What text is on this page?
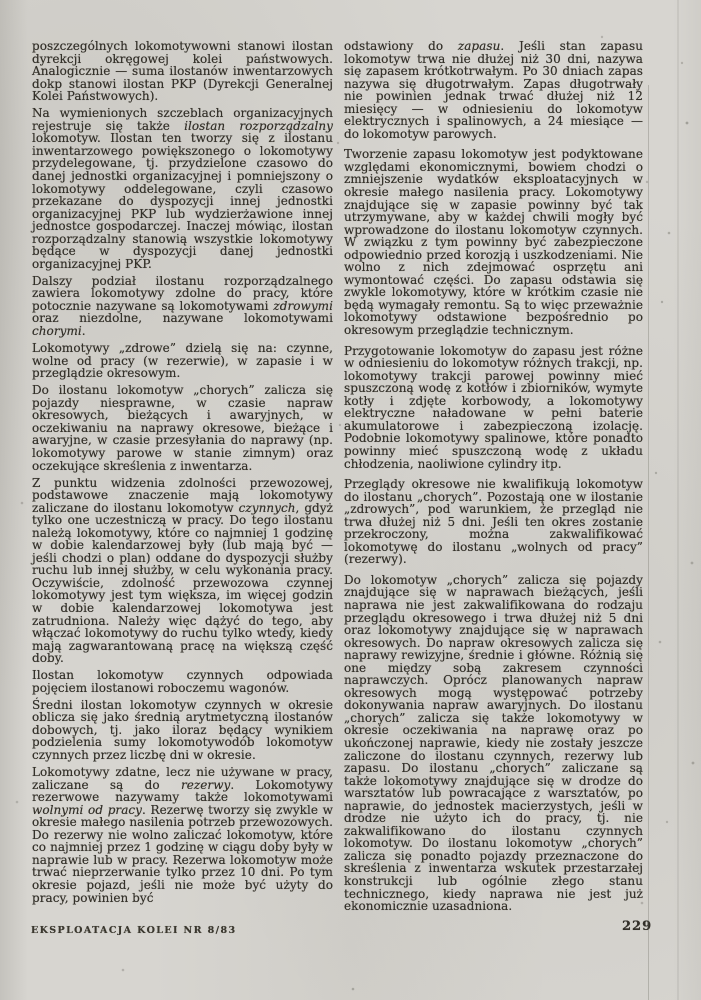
poszczególnych lokomotywowni stanowi ilostan dyrekcji okręgowej kolei państwowych. Analogicznie — suma ilostanów inwentarzowych dokp stanowi ilostan PKP (Dyrekcji Generalnej Kolei Państwowych).

Na wymienionych szczeblach organizacyjnych rejestruje się także ilostan rozporządzalny lokomotyw. Ilostan ten tworzy się z ilostanu inwentarzowego powiększonego o lokomotywy przydelegowane, tj. przydzielone czasowo do danej jednostki organizacyjnej i pomniejszony o lokomotywy oddelegowane, czyli czasowo przekazane do dyspozycji innej jednostki organizacyjnej PKP lub wydzierżawione innej jednostce gospodarczej. Inaczej mówiąc, ilostan rozporządzalny stanowią wszystkie lokomotywy będące w dyspozycji danej jednostki organizacyjnej PKP.

Dalszy podział ilostanu rozporządzalnego zawiera lokomotywy zdolne do pracy, które potocznie nazywane są lokomotywami zdrowymi oraz niezdolne, nazywane lokomotywami chorymi.

Lokomotywy „zdrowe” dzielą się na: czynne, wolne od pracy (w rezerwie), w zapasie i w przeglądzie okresowym.

Do ilostanu lokomotyw „chorych” zalicza się pojazdy niesprawne, w czasie napraw okresowych, bieżących i awaryjnych, w oczekiwaniu na naprawy okresowe, bieżące i awaryjne, w czasie przesyłania do naprawy (np. lokomotywy parowe w stanie zimnym) oraz oczekujące skreślenia z inwentarza.

Z punktu widzenia zdolności przewozowej, podstawowe znaczenie mają lokomotywy zaliczane do ilostanu lokomotyw czynnych, gdyż tylko one uczestniczą w pracy. Do tego ilostanu należą lokomotywy, które co najmniej 1 godzinę w dobie kalendarzowej były (lub mają być — jeśli chodzi o plan) oddane do dyspozycji służby ruchu lub innej służby, w celu wykonania pracy. Oczywiście, zdolność przewozowa czynnej lokomotywy jest tym większa, im więcej godzin w dobie kalendarzowej lokomotywa jest zatrudniona. Należy więc dążyć do tego, aby włączać lokomotywy do ruchu tylko wtedy, kiedy mają zagwarantowaną pracę na większą część doby.

Ilostan lokomotyw czynnych odpowiada pojęciem ilostanowi roboczemu wagonów.

Średni ilostan lokomotyw czynnych w okresie oblicza się jako średnią arytmetyczną ilostanów dobowych, tj. jako iloraz będący wynikiem podzielenia sumy lokomotywodób lokomotyw czynnych przez liczbę dni w okresie.

Lokomotywy zdatne, lecz nie używane w pracy, zaliczane są do rezerwy. Lokomotywy rezerwowe nazywamy także lokomotywami wolnymi od pracy. Rezerwę tworzy się zwykle w okresie małego nasilenia potrzeb przewozowych. Do rezerwy nie wolno zaliczać lokomotyw, które co najmniej przez 1 godzinę w ciągu doby były w naprawie lub w pracy. Rezerwa lokomotyw może trwać nieprzerwanie tylko przez 10 dni. Po tym okresie pojazd, jeśli nie może być użyty do pracy, powinien być

odstawiony do zapasu. Jeśli stan zapasu lokomotyw trwa nie dłużej niż 30 dni, nazywa się zapasem krótkotrwałym. Po 30 dniach zapas nazywa się długotrwałym. Zapas długotrwały nie powinien jednak trwać dłużej niż 12 miesięcy — w odniesieniu do lokomotyw elektrycznych i spalinowych, a 24 miesiące — do lokomotyw parowych.

Tworzenie zapasu lokomotyw jest podyktowane względami ekonomicznymi, bowiem chodzi o zmniejszenie wydatków eksploatacyjnych w okresie małego nasilenia pracy. Lokomotywy znajdujące się w zapasie powinny być tak utrzymywane, aby w każdej chwili mogły być wprowadzone do ilostanu lokomotyw czynnych. W związku z tym powinny być zabezpieczone odpowiednio przed korozją i uszkodzeniami. Nie wolno z nich zdejmować osprzętu ani wymontować części. Do zapasu odstawia się zwykle lokomotywy, które w krótkim czasie nie będą wymagały remontu. Są to więc przeważnie lokomotywy odstawione bezpośrednio po okresowym przeglądzie technicznym.

Przygotowanie lokomotyw do zapasu jest różne w odniesieniu do lokomotyw różnych trakcji, np. lokomotywy trakcji parowej powinny mieć spuszczoną wodę z kotłów i zbiorników, wymyte kotły i zdjęte korbowody, a lokomotywy elektryczne naładowane w pełni baterie akumulatorowe i zabezpieczoną izolację. Podobnie lokomotywy spalinowe, które ponadto powinny mieć spuszczoną wodę z układu chłodzenia, naoliwione cylindry itp.

Przeglądy okresowe nie kwalifikują lokomotyw do ilostanu „chorych”. Pozostają one w ilostanie „zdrowych”, pod warunkiem, że przegląd nie trwa dłużej niż 5 dni. Jeśli ten okres zostanie przekroczony, można zakwalifikować lokomotywę do ilostanu „wolnych od pracy” (rezerwy).

Do lokomotyw „chorych” zalicza się pojazdy znajdujące się w naprawach bieżących, jeśli naprawa nie jest zakwalifikowana do rodzaju przeglądu okresowego i trwa dłużej niż 5 dni oraz lokomotywy znajdujące się w naprawach okresowych. Do napraw okresowych zalicza się naprawy rewizyjne, średnie i główne. Różnią się one między sobą zakresem czynności naprawczych. Oprócz planowanych napraw okresowych mogą występować potrzeby dokonywania napraw awaryjnych. Do ilostanu „chorych” zalicza się także lokomotywy w okresie oczekiwania na naprawę oraz po ukończonej naprawie, kiedy nie zostały jeszcze zaliczone do ilostanu czynnych, rezerwy lub zapasu. Do ilostanu „chorych” zaliczane są także lokomotywy znajdujące się w drodze do warsztatów lub powracające z warsztatów, po naprawie, do jednostek macierzystych, jeśli w drodze nie użyto ich do pracy, tj. nie zakwalifikowano do ilostanu czynnych lokomotyw. Do ilostanu lokomotyw „chorych” zalicza się ponadto pojazdy przeznaczone do skreślenia z inwentarza wskutek przestarzałej konstrukcji lub ogólnie złego stanu technicznego, kiedy naprawa nie jest już ekonomicznie uzasadniona.

EKSPLOATACJA KOLEI NR 8/83	229
